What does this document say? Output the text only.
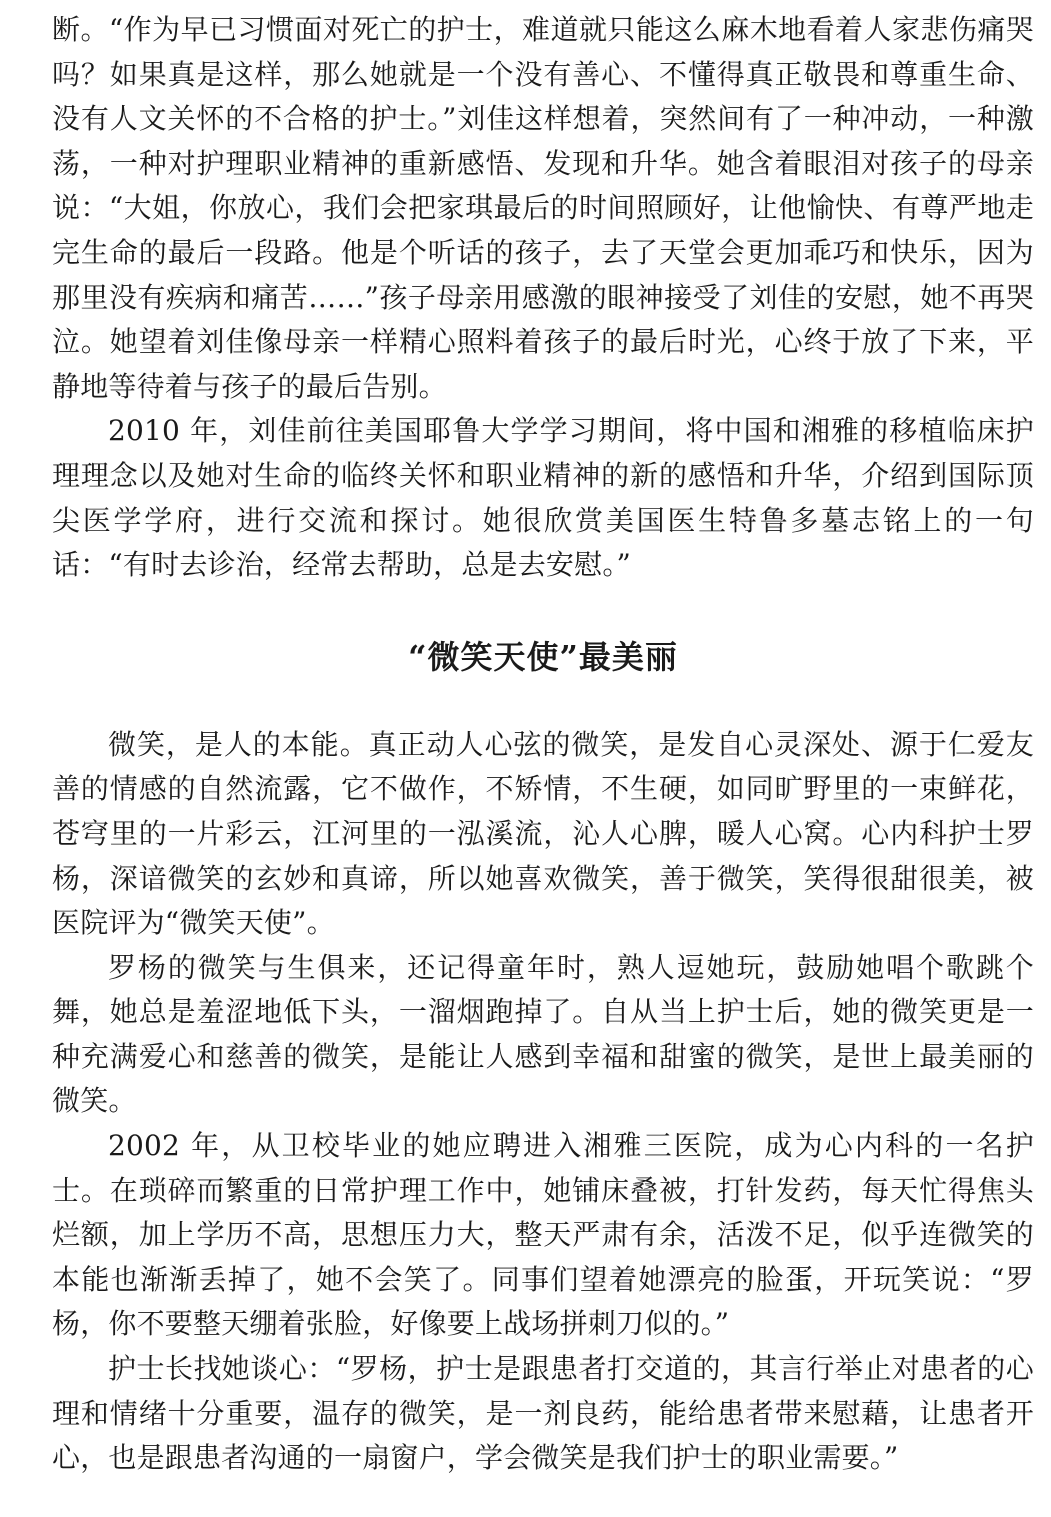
断。“作为早已习惯面对死亡的护士，难道就只能这么麻木地看着人家悲伤痛哭吗？如果真是这样，那么她就是一个没有善心、不懂得真正敬畏和尊重生命、没有人文关怀的不合格的护士。”刘佳这样想着，突然间有了一种冲动，一种激荡，一种对护理职业精神的重新感悟、发现和升华。她含着眼泪对孩子的母亲说：“大姐，你放心，我们会把家琪最后的时间照顾好，让他愉快、有尊严地走完生命的最后一段路。他是个听话的孩子，去了天堂会更加乖巧和快乐，因为那里没有疾病和痛苦……”孩子母亲用感激的眼神接受了刘佳的安慰，她不再哭泣。她望着刘佳像母亲一样精心照料着孩子的最后时光，心终于放了下来，平静地等待着与孩子的最后告别。

2010 年，刘佳前往美国耶鲁大学学习期间，将中国和湘雅的移植临床护理理念以及她对生命的临终关怀和职业精神的新的感悟和升华，介绍到国际顶尖医学学府，进行交流和探讨。她很欣赏美国医生特鲁多墓志铭上的一句话：“有时去诊治，经常去帮助，总是去安慰。”

“微笑天使”最美丽

微笑，是人的本能。真正动人心弦的微笑，是发自心灵深处、源于仁爱友善的情感的自然流露，它不做作，不矫情，不生硬，如同旷野里的一束鲜花，苍穹里的一片彩云，江河里的一泓溪流，沁人心脾，暖人心窝。心内科护士罗杨，深谙微笑的玄妙和真谛，所以她喜欢微笑，善于微笑，笑得很甜很美，被医院评为“微笑天使”。

罗杨的微笑与生俱来，还记得童年时，熟人逗她玩，鼓励她唱个歌跳个舞，她总是羞涩地低下头，一溜烟跑掉了。自从当上护士后，她的微笑更是一种充满爱心和慈善的微笑，是能让人感到幸福和甜蜜的微笑，是世上最美丽的微笑。

2002 年，从卫校毕业的她应聘进入湘雅三医院，成为心内科的一名护士。在琐碎而繁重的日常护理工作中，她铺床叠被，打针发药，每天忙得焦头烂额，加上学历不高，思想压力大，整天严肃有余，活泼不足，似乎连微笑的本能也渐渐丢掉了，她不会笑了。同事们望着她漂亮的脸蛋，开玩笑说：“罗杨，你不要整天绷着张脸，好像要上战场拼刺刀似的。”

护士长找她谈心：“罗杨，护士是跟患者打交道的，其言行举止对患者的心理和情绪十分重要，温存的微笑，是一剂良药，能给患者带来慰藉，让患者开心，也是跟患者沟通的一扇窗户，学会微笑是我们护士的职业需要。”
